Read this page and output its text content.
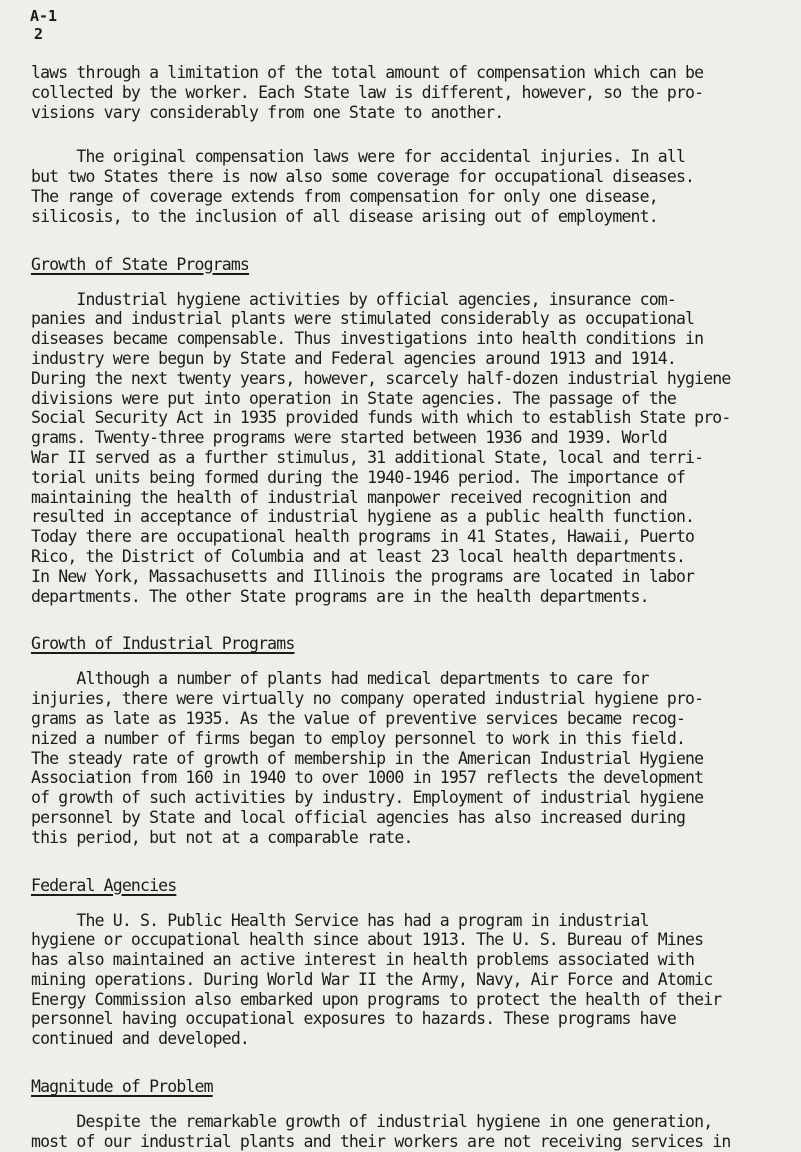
A-1
2
laws through a limitation of the total amount of compensation which can be
collected by the worker. Each State law is different, however, so the pro-
visions vary considerably from one State to another.
The original compensation laws were for accidental injuries. In all
but two States there is now also some coverage for occupational diseases.
The range of coverage extends from compensation for only one disease,
silicosis, to the inclusion of all disease arising out of employment.
Growth of State Programs
Industrial hygiene activities by official agencies, insurance com-
panies and industrial plants were stimulated considerably as occupational
diseases became compensable. Thus investigations into health conditions in
industry were begun by State and Federal agencies around 1913 and 1914.
During the next twenty years, however, scarcely half-dozen industrial hygiene
divisions were put into operation in State agencies. The passage of the
Social Security Act in 1935 provided funds with which to establish State pro-
grams. Twenty-three programs were started between 1936 and 1939. World
War II served as a further stimulus, 31 additional State, local and terri-
torial units being formed during the 1940-1946 period. The importance of
maintaining the health of industrial manpower received recognition and
resulted in acceptance of industrial hygiene as a public health function.
Today there are occupational health programs in 41 States, Hawaii, Puerto
Rico, the District of Columbia and at least 23 local health departments.
In New York, Massachusetts and Illinois the programs are located in labor
departments. The other State programs are in the health departments.
Growth of Industrial Programs
Although a number of plants had medical departments to care for
injuries, there were virtually no company operated industrial hygiene pro-
grams as late as 1935. As the value of preventive services became recog-
nized a number of firms began to employ personnel to work in this field.
The steady rate of growth of membership in the American Industrial Hygiene
Association from 160 in 1940 to over 1000 in 1957 reflects the development
of growth of such activities by industry. Employment of industrial hygiene
personnel by State and local official agencies has also increased during
this period, but not at a comparable rate.
Federal Agencies
The U. S. Public Health Service has had a program in industrial
hygiene or occupational health since about 1913. The U. S. Bureau of Mines
has also maintained an active interest in health problems associated with
mining operations. During World War II the Army, Navy, Air Force and Atomic
Energy Commission also embarked upon programs to protect the health of their
personnel having occupational exposures to hazards. These programs have
continued and developed.
Magnitude of Problem
Despite the remarkable growth of industrial hygiene in one generation,
most of our industrial plants and their workers are not receiving services in
